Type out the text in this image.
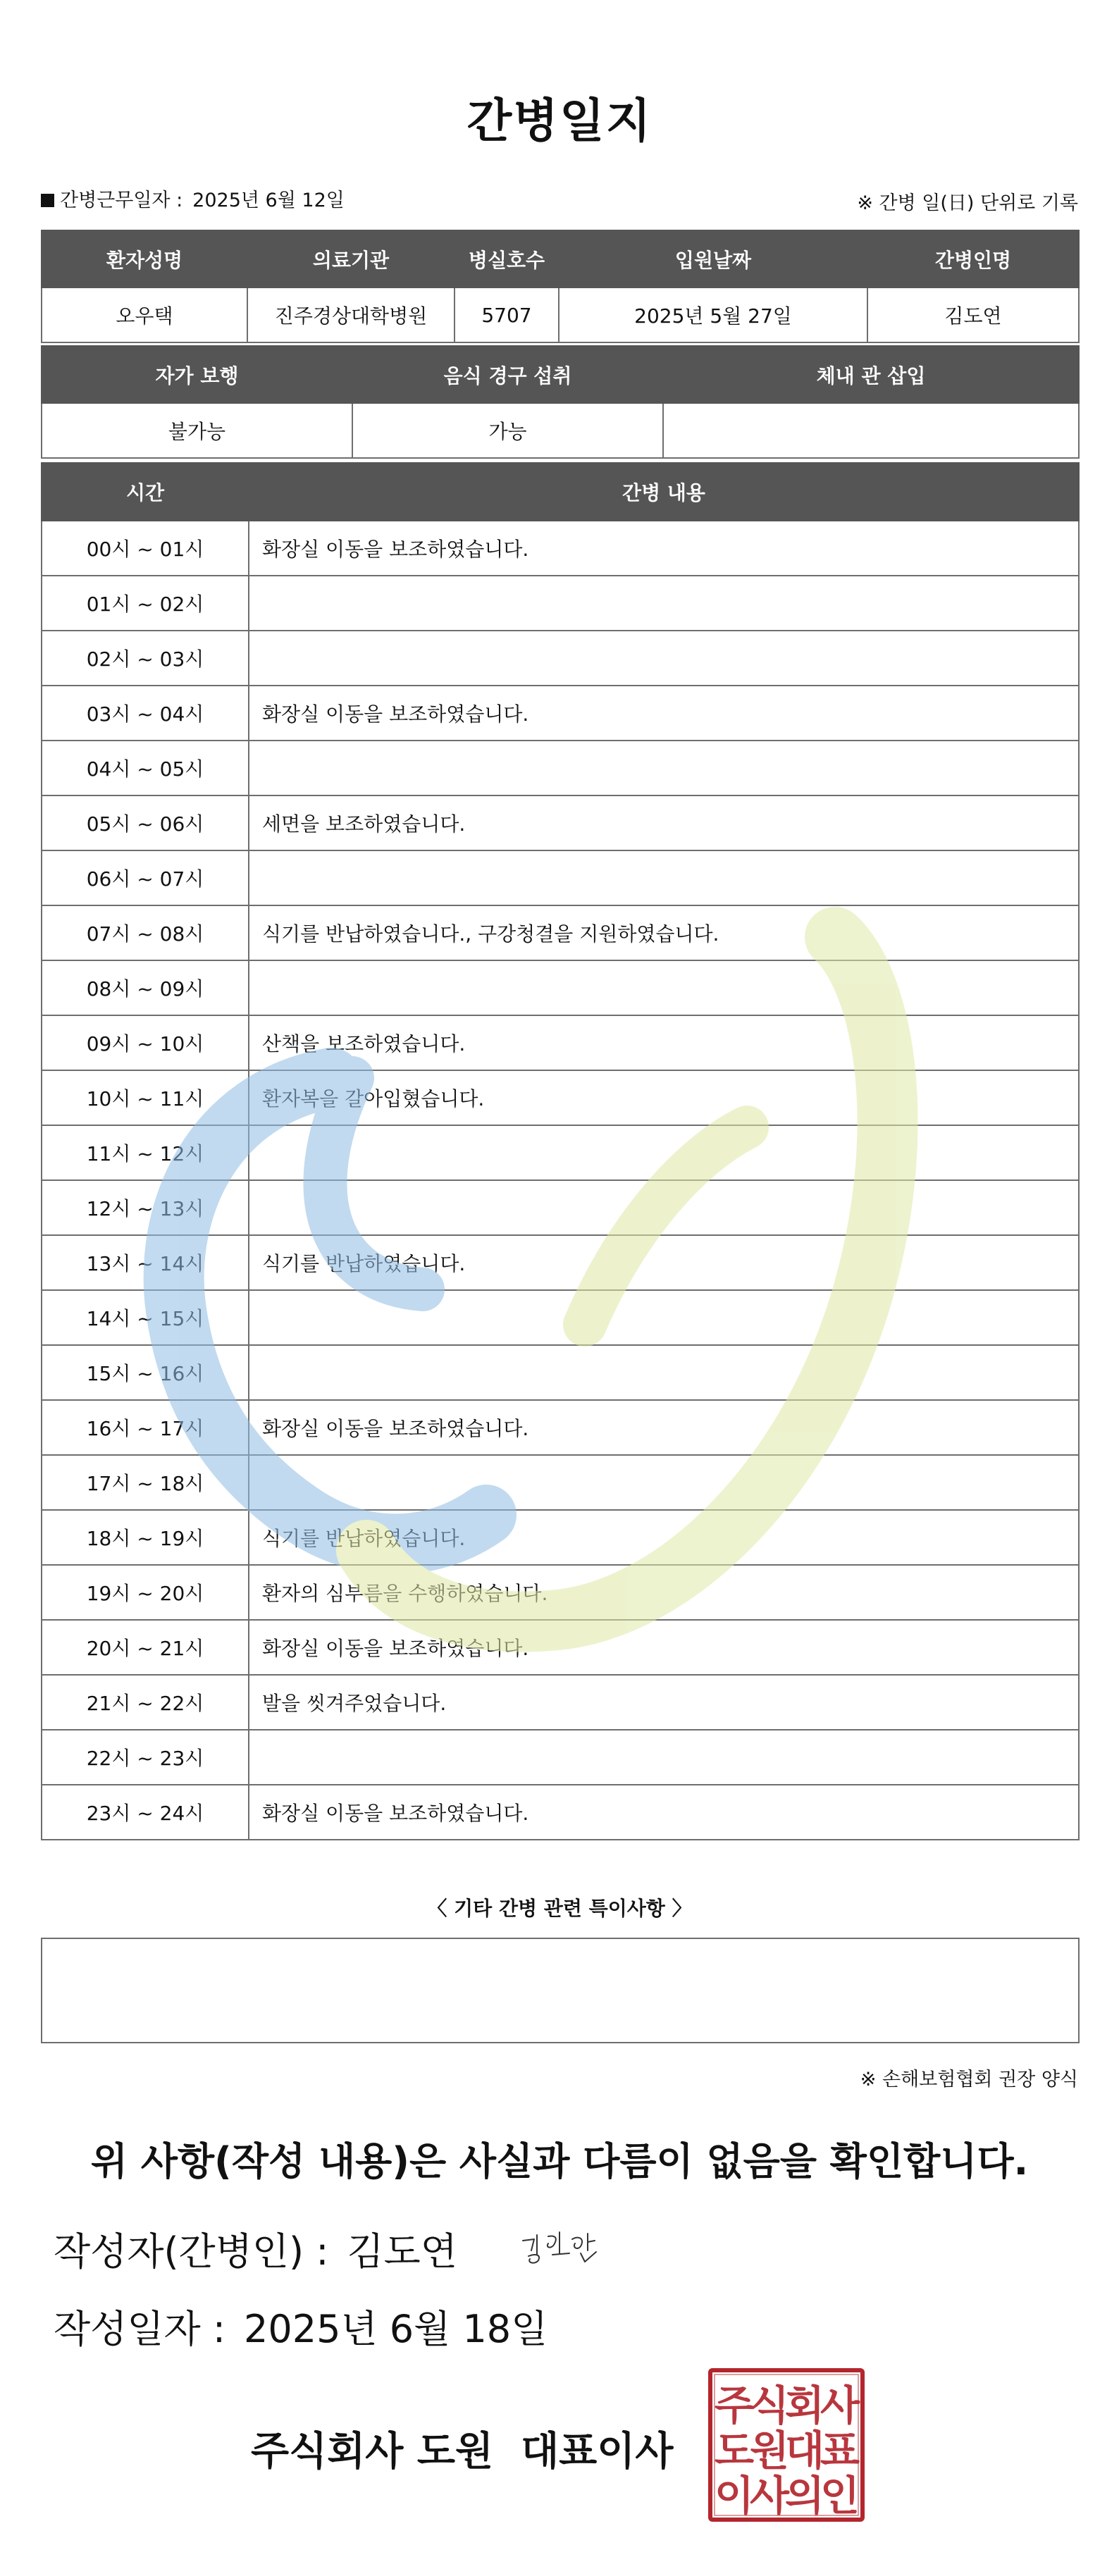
간병일지
간병근무일자 : 2025년 6월 12일	※ 간병 일(日) 단위로 기록
환자성명	의료기관	병실호수	입원날짜	간병인명
오우택	진주경상대학병원	5707	2025년 5월 27일	김도연
자가 보행	음식 경구 섭취	체내 관 삽입
불가능	가능	
시간	간병 내용
00시 ~ 01시	화장실 이동을 보조하였습니다.
01시 ~ 02시	
02시 ~ 03시	
03시 ~ 04시	화장실 이동을 보조하였습니다.
04시 ~ 05시	
05시 ~ 06시	세면을 보조하였습니다.
06시 ~ 07시	
07시 ~ 08시	식기를 반납하였습니다., 구강청결을 지원하였습니다.
08시 ~ 09시	
09시 ~ 10시	산책을 보조하였습니다.
10시 ~ 11시	환자복을 갈아입혔습니다.
11시 ~ 12시	
12시 ~ 13시	
13시 ~ 14시	식기를 반납하였습니다.
14시 ~ 15시	
15시 ~ 16시	
16시 ~ 17시	화장실 이동을 보조하였습니다.
17시 ~ 18시	
18시 ~ 19시	식기를 반납하였습니다.
19시 ~ 20시	환자의 심부름을 수행하였습니다.
20시 ~ 21시	화장실 이동을 보조하였습니다.
21시 ~ 22시	발을 씻겨주었습니다.
22시 ~ 23시	
23시 ~ 24시	화장실 이동을 보조하였습니다.
〈 기타 간병 관련 특이사항 〉
※ 손해보험협회 권장 양식
위 사항(작성 내용)은 사실과 다름이 없음을 확인합니다.
작성자(간병인) : 김도연
작성일자 : 2025년 6월 18일
주식회사 도원  대표이사
주
식
회
사
도
원
대
표
이
사
의
인
